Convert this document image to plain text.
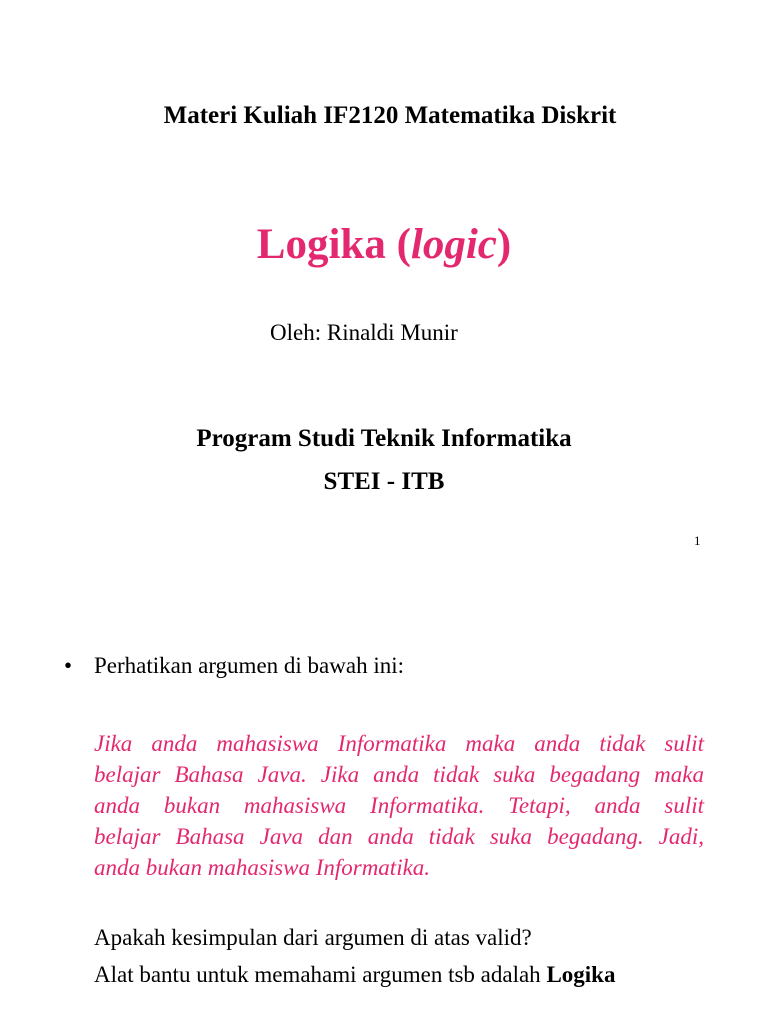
Materi Kuliah IF2120 Matematika Diskrit
Logika (logic)

Oleh: Rinaldi Munir

Program Studi Teknik Informatika

STEI - ITB

1

• Perhatikan argumen di bawah ini:

Jika anda mahasiswa Informatika maka anda tidak sulit
belajar Bahasa Java. Jika anda tidak suka begadang maka
anda bukan mahasiswa Informatika. Tetapi, anda sulit
belajar Bahasa Java dan anda tidak suka begadang. Jadi,
anda bukan mahasiswa Informatika.

Apakah kesimpulan dari argumen di atas valid?
Alat bantu untuk memahami argumen tsb adalah Logika
